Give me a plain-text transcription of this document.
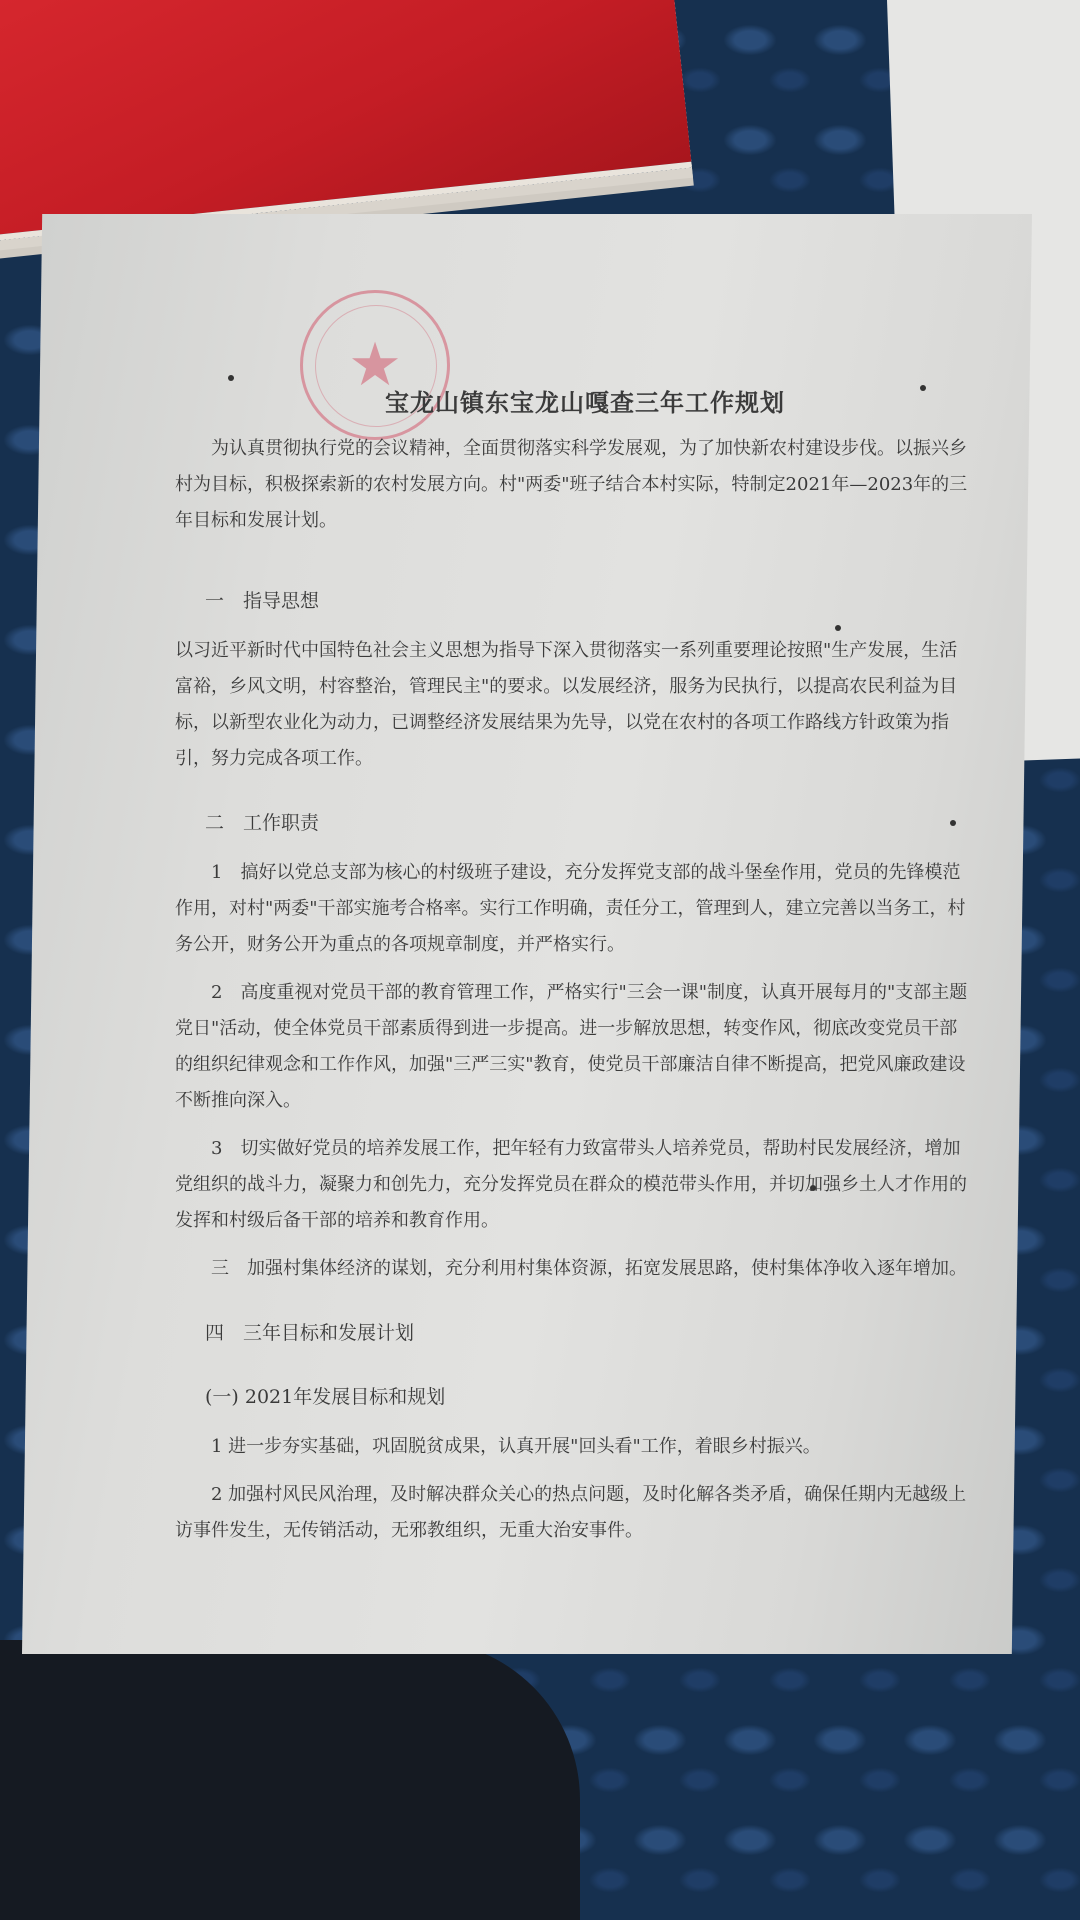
★
宝龙山镇东宝龙山嘎查三年工作规划

为认真贯彻执行党的会议精神，全面贯彻落实科学发展观，为了加快新农村建设步伐。以振兴乡村为目标，积极探索新的农村发展方向。村"两委"班子结合本村实际，特制定2021年—2023年的三年目标和发展计划。

一　指导思想

以习近平新时代中国特色社会主义思想为指导下深入贯彻落实一系列重要理论按照"生产发展，生活富裕，乡风文明，村容整治，管理民主"的要求。以发展经济，服务为民执行，以提高农民利益为目标，以新型农业化为动力，已调整经济发展结果为先导，以党在农村的各项工作路线方针政策为指引，努力完成各项工作。

二　工作职责

1　搞好以党总支部为核心的村级班子建设，充分发挥党支部的战斗堡垒作用，党员的先锋模范作用，对村"两委"干部实施考合格率。实行工作明确，责任分工，管理到人，建立完善以当务工，村务公开，财务公开为重点的各项规章制度，并严格实行。

2　高度重视对党员干部的教育管理工作，严格实行"三会一课"制度，认真开展每月的"支部主题党日"活动，使全体党员干部素质得到进一步提高。进一步解放思想，转变作风，彻底改变党员干部的组织纪律观念和工作作风，加强"三严三实"教育，使党员干部廉洁自律不断提高，把党风廉政建设不断推向深入。

3　切实做好党员的培养发展工作，把年轻有力致富带头人培养党员，帮助村民发展经济，增加党组织的战斗力，凝聚力和创先力，充分发挥党员在群众的模范带头作用，并切加强乡土人才作用的发挥和村级后备干部的培养和教育作用。

三　加强村集体经济的谋划，充分利用村集体资源，拓宽发展思路，使村集体净收入逐年增加。

四　三年目标和发展计划
(一) 2021年发展目标和规划

1 进一步夯实基础，巩固脱贫成果，认真开展"回头看"工作，着眼乡村振兴。

2 加强村风民风治理，及时解决群众关心的热点问题，及时化解各类矛盾，确保任期内无越级上访事件发生，无传销活动，无邪教组织，无重大治安事件。
